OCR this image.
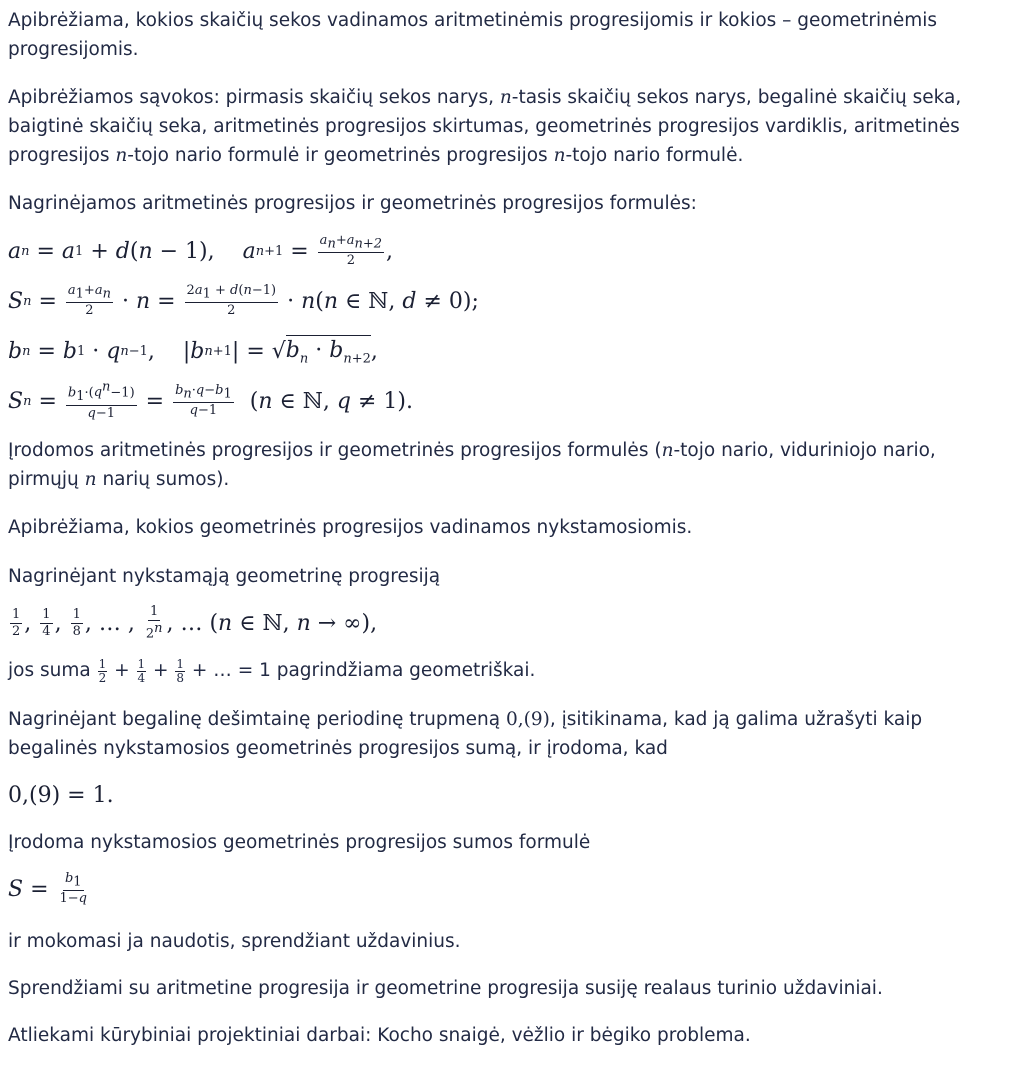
Apibrėžiama, kokios skaičių sekos vadinamos aritmetinėmis progresijomis ir kokios – geometrinėmis progresijomis.

Apibrėžiamos sąvokos: pirmasis skaičių sekos narys, n-tasis skaičių sekos narys, begalinė skaičių seka, baigtinė skaičių seka, aritmetinės progresijos skirtumas, geometrinės progresijos vardiklis, aritmetinės progresijos n-tojo nario formulė ir geometrinės progresijos n-tojo nario formulė.

Nagrinėjamos aritmetinės progresijos ir geometrinės progresijos formulės:

a n = a 1 + d ( n − 1), a $n +1 = \frac{a_n+a_{n+2}}{2}$ ,
S $n = \frac{a_1+a_n}{2} \cdot n = \frac{2a_1 + d(n-1)}{2} \cdot n$ ( n ∈ ℕ, d ≠ 0);
b n = b 1 · q n−1 ,    | b n+1 | = √ $b_n \cdot b_{n+2}$ ,
S $n = \frac{b_1\cdot(q^n-1)}{q-1} = \frac{b_n\cdot q-b_1}{q-1}$ ( n ∈ ℕ, q ≠ 1).

Įrodomos aritmetinės progresijos ir geometrinės progresijos formulės (n-tojo nario, viduriniojo nario, pirmųjų n narių sumos).

Apibrėžiama, kokios geometrinės progresijos vadinamos nykstamosiomis.

Nagrinėjant nykstamąją geometrinę progresiją

$\frac{1}{2}$ , $\frac{1}{4}$ , $\frac{1}{8}$ , … , $\frac{1}{2^n}$ , … ( n ∈ ℕ, n → ∞),

jos suma $\frac{1}{2} + \frac{1}{4} + \frac{1}{8}$ + … = 1 pagrindžiama geometriškai.

Nagrinėjant begalinę dešimtainę periodinę trupmeną 0,(9), įsitikinama, kad ją galima užrašyti kaip begalinės nykstamosios geometrinės progresijos sumą, ir įrodoma, kad

0,(9) = 1.

Įrodoma nykstamosios geometrinės progresijos sumos formulė

$S = \frac{b_1}{1-q}$

ir mokomasi ja naudotis, sprendžiant uždavinius.

Sprendžiami su aritmetine progresija ir geometrine progresija susiję realaus turinio uždaviniai.

Atliekami kūrybiniai projektiniai darbai: Kocho snaigė, vėžlio ir bėgiko problema.
